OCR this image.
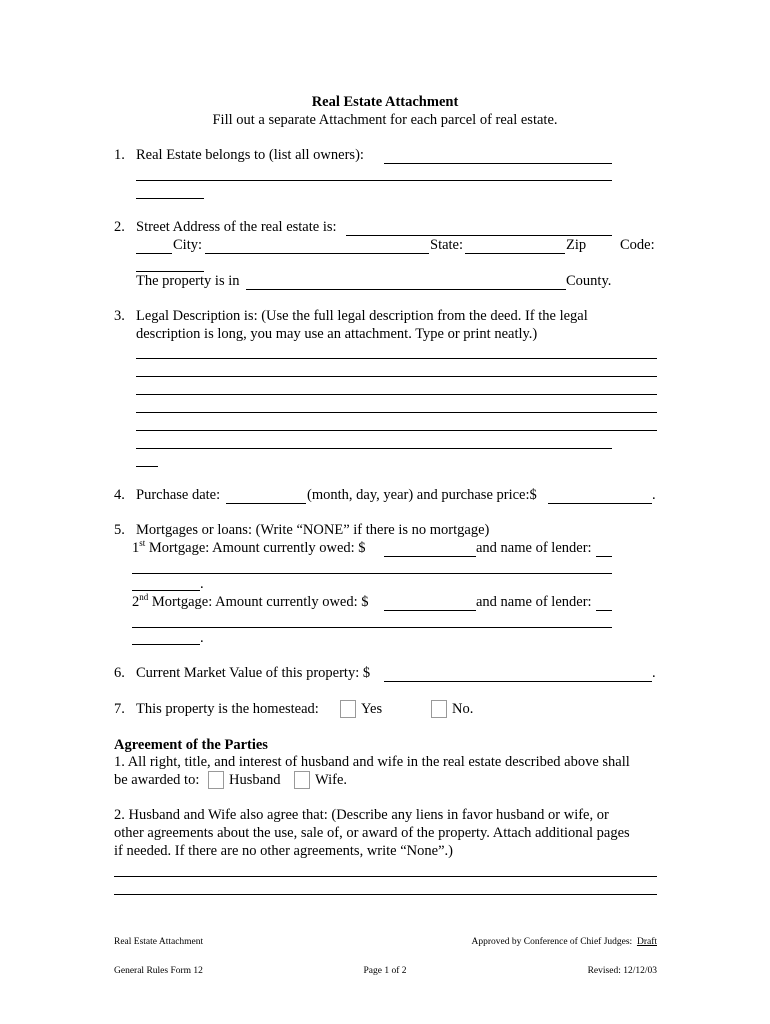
Real Estate Attachment
Fill out a separate Attachment for each parcel of real estate.
1. Real Estate belongs to (list all owners):
2. Street Address of the real estate is:
City:	State:	Zip Code:
The property is in	County.
3. Legal Description is: (Use the full legal description from the deed. If the legal
description is long, you may use an attachment. Type or print neatly.)
4. Purchase date:	(month, day, year) and purchase price:$	.
5. Mortgages or loans: (Write “NONE” if there is no mortgage)
1st Mortgage: Amount currently owed: $	and name of lender:
.
2nd Mortgage: Amount currently owed: $	and name of lender:
.
6. Current Market Value of this property: $	.
7. This property is the homestead:	Yes	No.
Agreement of the Parties
1. All right, title, and interest of husband and wife in the real estate described above shall
be awarded to: Husband Wife.
2. Husband and Wife also agree that: (Describe any liens in favor husband or wife, or
other agreements about the use, sale of, or award of the property. Attach additional pages
if needed. If there are no other agreements, write “None”.)
Real Estate Attachment	Approved by Conference of Chief Judges: Draft
General Rules Form 12	Page 1 of 2	Revised: 12/12/03
